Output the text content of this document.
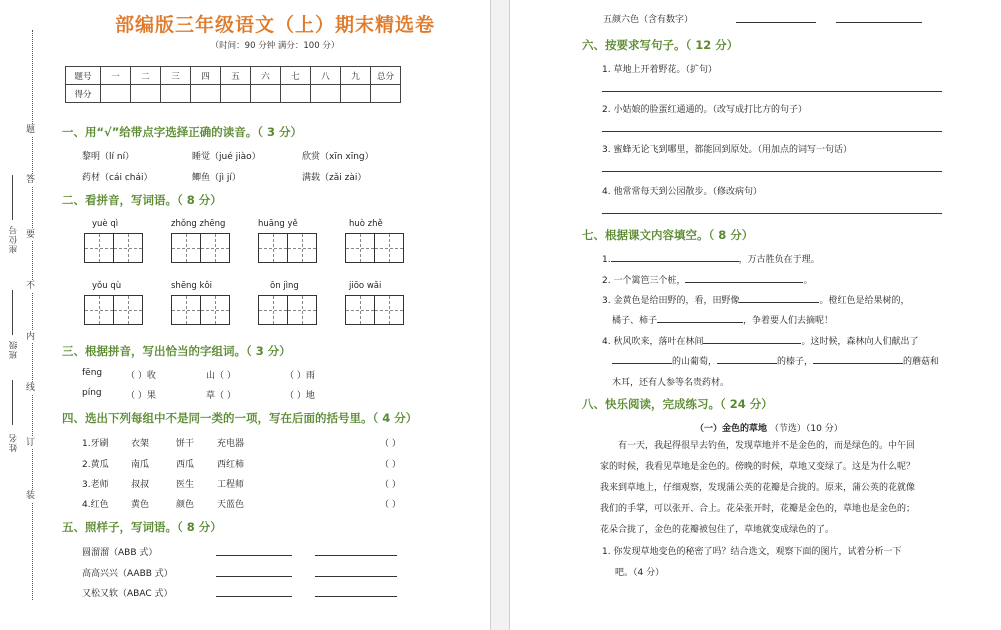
题
答
要
不
内
线
订
装
座位号
班级
姓名
部编版三年级语文（上）期末精选卷
（时间：90 分钟 满分：100 分）
题号	一	二	三	四	五	六	七	八	九	总分
得分										
一、用“√”给带点字选择正确的读音。（ 3 分）
黎明（lí ní）	睡觉（jué jiào）	欣赏（xīn xīng）
药材（cái chái）	鲫鱼（jì jí）	满载（zǎi zài）
二、看拼音，写词语。（ 8 分）
yuè qì	zhǒng zhēng	huāng yě	huò zhě
yǒu qù	shēng kǒi	ōn jìng	jiōo wǎi
三、根据拼音，写出恰当的字组词。（ 3 分）
fēng	（ ）收	山（ ）	（ ）雨
píng	（ ）果	草（ ）	（ ）地
四、选出下列每组中不是同一类的一项，写在后面的括号里。（ 4 分）
1.牙刷 衣架	饼干	充电器	（ ）
2.黄瓜 南瓜	西瓜	西红柿	（ ）
3.老师 叔叔	医生	工程师	（ ）
4.红色 黄色	颜色	天蓝色	（ ）
五、照样子，写词语。（ 8 分）
圆溜溜（ABB 式）
高高兴兴（AABB 式）
又松又软（ABAC 式）
五颜六色（含有数字）
六、按要求写句子。（ 12 分）
1. 草地上开着野花。（扩句）
2. 小姑娘的脸蛋红通通的。（改写成打比方的句子）
3. 蜜蜂无论飞到哪里，都能回到原处。（用加点的词写一句话）
4. 他常常每天到公园散步。（修改病句）
七、根据课文内容填空。（ 8 分）
1.	，万古胜负在于理。
2. 一个篱笆三个桩，	。
3. 金黄色是给田野的，看，田野像	。橙红色是给果树的，
橘子、柿子	，争着要人们去摘呢！
4. 秋风吹来，落叶在林间	。这时候，森林向人们献出了
的山葡萄，	的榛子，	的蘑菇和
木耳，还有人参等名贵药材。
八、快乐阅读，完成练习。（ 24 分）
（一）金色的草地 （节选）（10 分）

有一天，我起得很早去钓鱼，发现草地并不是金色的，而是绿色的。中午回

家的时候，我看见草地是金色的。傍晚的时候，草地又变绿了。这是为什么呢？

我来到草地上，仔细观察，发现蒲公英的花瓣是合拢的。原来，蒲公英的花就像

我们的手掌，可以张开、合上。花朵张开时，花瓣是金色的，草地也是金色的；

花朵合拢了，金色的花瓣被包住了，草地就变成绿色的了。

1. 你发现草地变色的秘密了吗？结合选文，观察下面的图片，试着分析一下
吧。（4 分）
